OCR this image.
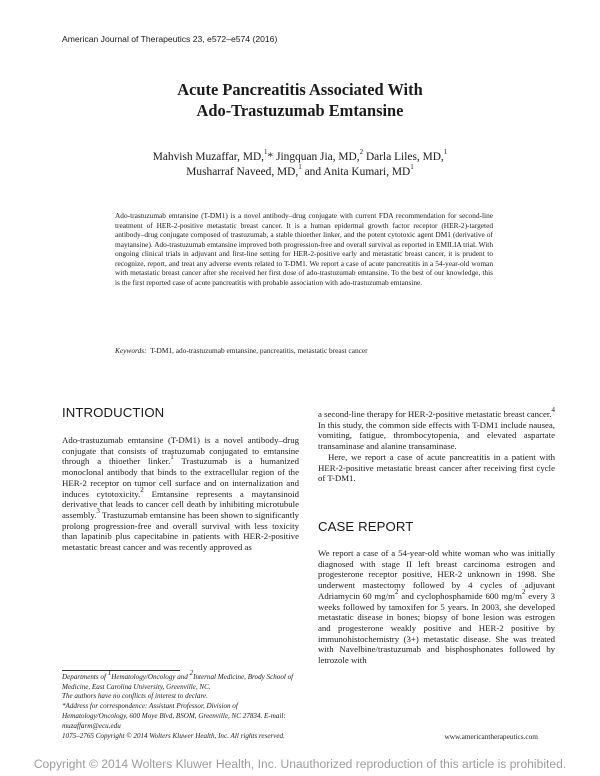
American Journal of Therapeutics 23, e572–e574 (2016)
Acute Pancreatitis Associated With
Ado-Trastuzumab Emtansine
Mahvish Muzaffar, MD,$^1$* Jingquan Jia, MD,$^2$ Darla Liles, MD,$^1$
Musharraf Naveed, MD,$^1$ and Anita Kumari, $MD^1$

Ado-trastuzumab emtansine (T-DM1) is a novel antibody–drug conjugate with current FDA recommendation for second-line treatment of HER-2-positive metastatic breast cancer. It is a human epidermal growth factor receptor (HER-2)-targeted antibody–drug conjugate composed of trastuzumab, a stable thioether linker, and the potent cytotoxic agent DM1 (derivative of maytansine). Ado-trastuzumab emtansine improved both progression-free and overall survival as reported in EMILIA trial. With ongoing clinical trials in adjuvant and first-line setting for HER-2-positive early and metastatic breast cancer, it is prudent to recognize, report, and treat any adverse events related to T-DM1. We report a case of acute pancreatitis in a 54-year-old woman with metastatic breast cancer after she received her first dose of ado-trastuzumab emtansine. To the best of our knowledge, this is the first reported case of acute pancreatitis with probable association with ado-trastuzumab emtansine.

Keywords: T-DM1, ado-trastuzumab emtansine, pancreatitis, metastatic breast cancer
INTRODUCTION

Ado-trastuzumab emtansine (T-DM1) is a novel antibody–drug conjugate that consists of trastuzumab conjugated to emtansine through a thioether linker.$^1$ Trastuzumab is a humanized monoclonal antibody that binds to the extracellular region of the HER-2 receptor on tumor cell surface and on internalization and induces cytotoxicity.$^2$ Emtansine represents a maytansinoid derivative that leads to cancer cell death by inhibiting microtubule assembly.$^3$ Trastuzumab emtansine has been shown to significantly prolong progression-free and overall survival with less toxicity than lapatinib plus capecitabine in patients with HER-2-positive metastatic breast cancer and was recently approved as

a second-line therapy for HER-2-positive metastatic breast cancer.$^4$ In this study, the common side effects with T-DM1 include nausea, vomiting, fatigue, thrombocytopenia, and elevated aspartate transaminase and alanine transaminase.

Here, we report a case of acute pancreatitis in a patient with HER-2-positive metastatic breast cancer after receiving first cycle of T-DM1.

CASE REPORT

We report a case of a 54-year-old white woman who was initially diagnosed with stage II left breast carcinoma estrogen and progesterone receptor positive, HER-2 unknown in 1998. She underwent mastectomy followed by 4 cycles of adjuvant Adriamycin 60 $mg/m^2$ and cyclophosphamide 600 $mg/m^2$ every 3 weeks followed by tamoxifen for 5 years. In 2003, she developed metastatic disease in bones; biopsy of bone lesion was estrogen and progesterone weakly positive and HER-2 positive by immunohistochemistry (3+) metastatic disease. She was treated with Navelbine/trastuzumab and bisphosphonates followed by letrozole with

Departments of $^1$Hematology/Oncology and $^2$Internal Medicine, Brody School of Medicine, East Carolina University, Greenville, NC.

The authors have no conflicts of interest to declare.

*Address for correspondence: Assistant Professor, Division of Hematology/Oncology, 600 Moye Blvd, BSOM, Greenville, NC 27834. E-mail: muzaffarm@ecu.edu

1075–2765 Copyright © 2014 Wolters Kluwer Health, Inc. All rights reserved.	www.americantherapeutics.com
Copyright © 2014 Wolters Kluwer Health, Inc. Unauthorized reproduction of this article is prohibited.
